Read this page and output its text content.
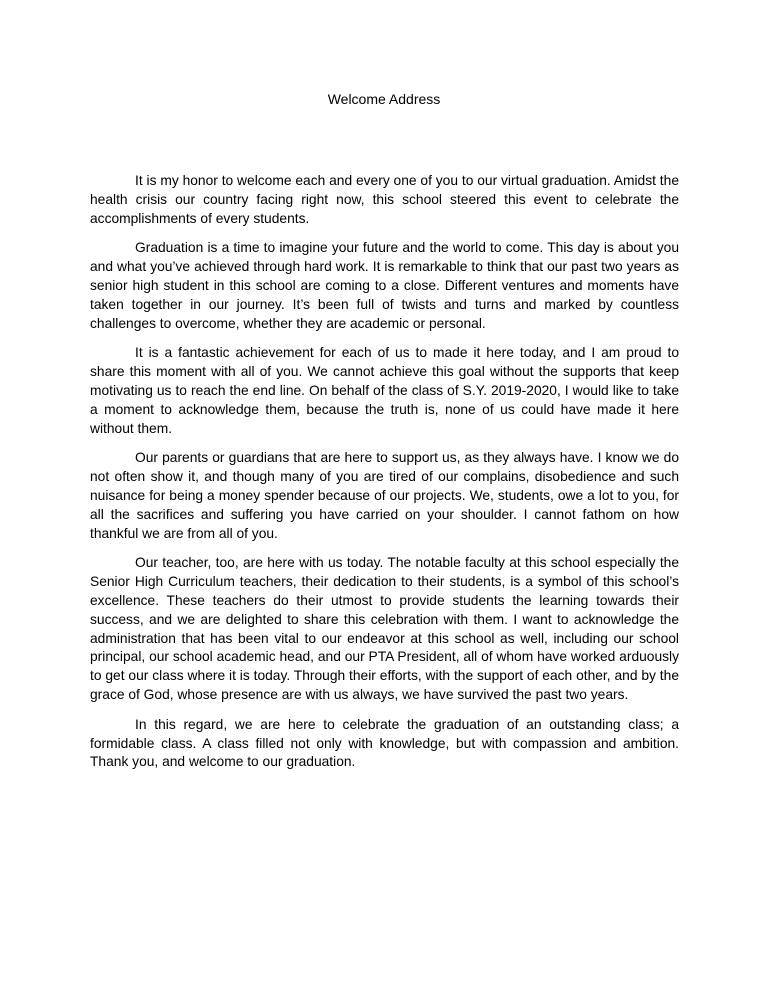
Welcome Address

It is my honor to welcome each and every one of you to our virtual graduation. Amidst the health crisis our country facing right now, this school steered this event to celebrate the accomplishments of every students.

Graduation is a time to imagine your future and the world to come. This day is about you and what you’ve achieved through hard work. It is remarkable to think that our past two years as senior high student in this school are coming to a close. Different ventures and moments have taken together in our journey. It’s been full of twists and turns and marked by countless challenges to overcome, whether they are academic or personal.

It is a fantastic achievement for each of us to made it here today, and I am proud to share this moment with all of you. We cannot achieve this goal without the supports that keep motivating us to reach the end line. On behalf of the class of S.Y. 2019-2020, I would like to take a moment to acknowledge them, because the truth is, none of us could have made it here without them.

Our parents or guardians that are here to support us, as they always have. I know we do not often show it, and though many of you are tired of our complains, disobedience and such nuisance for being a money spender because of our projects. We, students, owe a lot to you, for all the sacrifices and suffering you have carried on your shoulder. I cannot fathom on how thankful we are from all of you.

Our teacher, too, are here with us today. The notable faculty at this school especially the Senior High Curriculum teachers, their dedication to their students, is a symbol of this school’s excellence. These teachers do their utmost to provide students the learning towards their success, and we are delighted to share this celebration with them. I want to acknowledge the administration that has been vital to our endeavor at this school as well, including our school principal, our school academic head, and our PTA President, all of whom have worked arduously to get our class where it is today. Through their efforts, with the support of each other, and by the grace of God, whose presence are with us always, we have survived the past two years.

In this regard, we are here to celebrate the graduation of an outstanding class; a formidable class. A class filled not only with knowledge, but with compassion and ambition. Thank you, and welcome to our graduation.
